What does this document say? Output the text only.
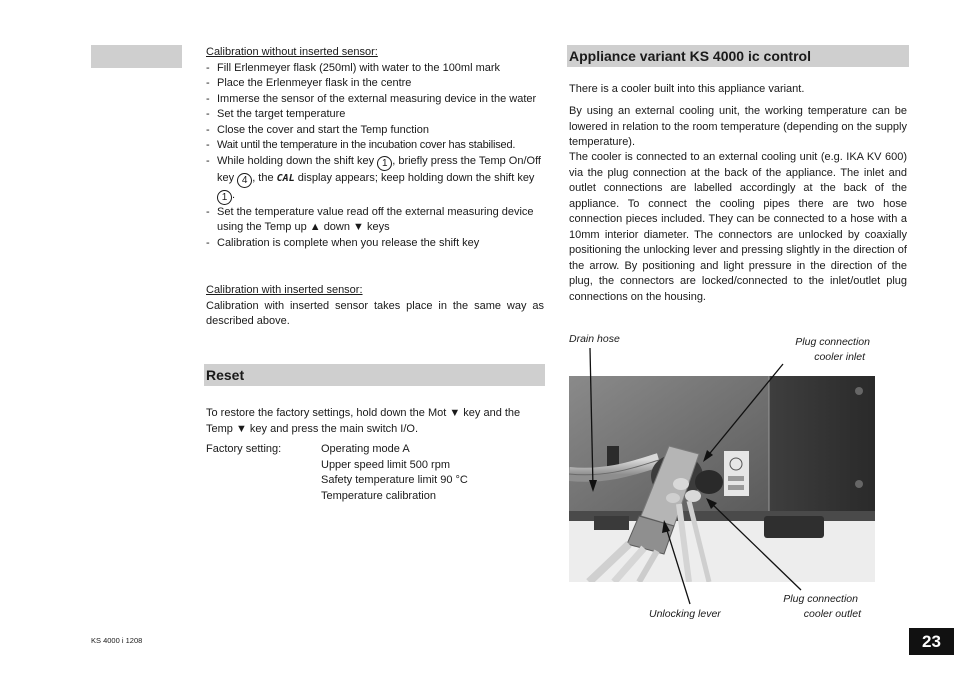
Calibration without inserted sensor:
- Fill Erlenmeyer flask (250ml) with water to the 100ml mark
- Place the Erlenmeyer flask in the centre
- Immerse the sensor of the external measuring device in the water
- Set the target temperature
- Close the cover and start the Temp function
- Wait until the temperature in the incubation cover has stabilised.
- While holding down the shift key 1 , briefly press the Temp On/Off key 4 , the CAL display appears; keep holding down the shift key 1 .
- Set the temperature value read off the external measuring device using the Temp up ▲ down ▼ keys
- Calibration is complete when you release the shift key
Calibration with inserted sensor:
Calibration with inserted sensor takes place in the same way as described above.
Reset
To restore the factory settings, hold down the Mot ▼ key and the Temp ▼ key and press the main switch I/O.
Factory setting:	Operating mode A
Upper speed limit 500 rpm
Safety temperature limit 90 °C
Temperature calibration
Appliance variant KS 4000 ic control
There is a cooler built into this appliance variant.
By using an external cooling unit, the working temperature can be lowered in relation to the room temperature (depending on the supply temperature).
The cooler is connected to an external cooling unit (e.g. IKA KV 600) via the plug connection at the back of the appliance. The inlet and outlet connections are labelled accordingly at the back of the appliance. To connect the cooling pipes there are two hose connection pieces included. They can be connected to a hose with a 10mm interior diameter. The connectors are unlocked by coaxially positioning the unlocking lever and pressing slightly in the direction of the arrow. By positioning and light pressure in the direction of the plug, the connectors are locked/connected to the inlet/outlet plug connections on the housing.
Drain hose	Plug connection
cooler inlet
Plug connection
cooler outlet
Unlocking lever
KS 4000 i 1208	23
